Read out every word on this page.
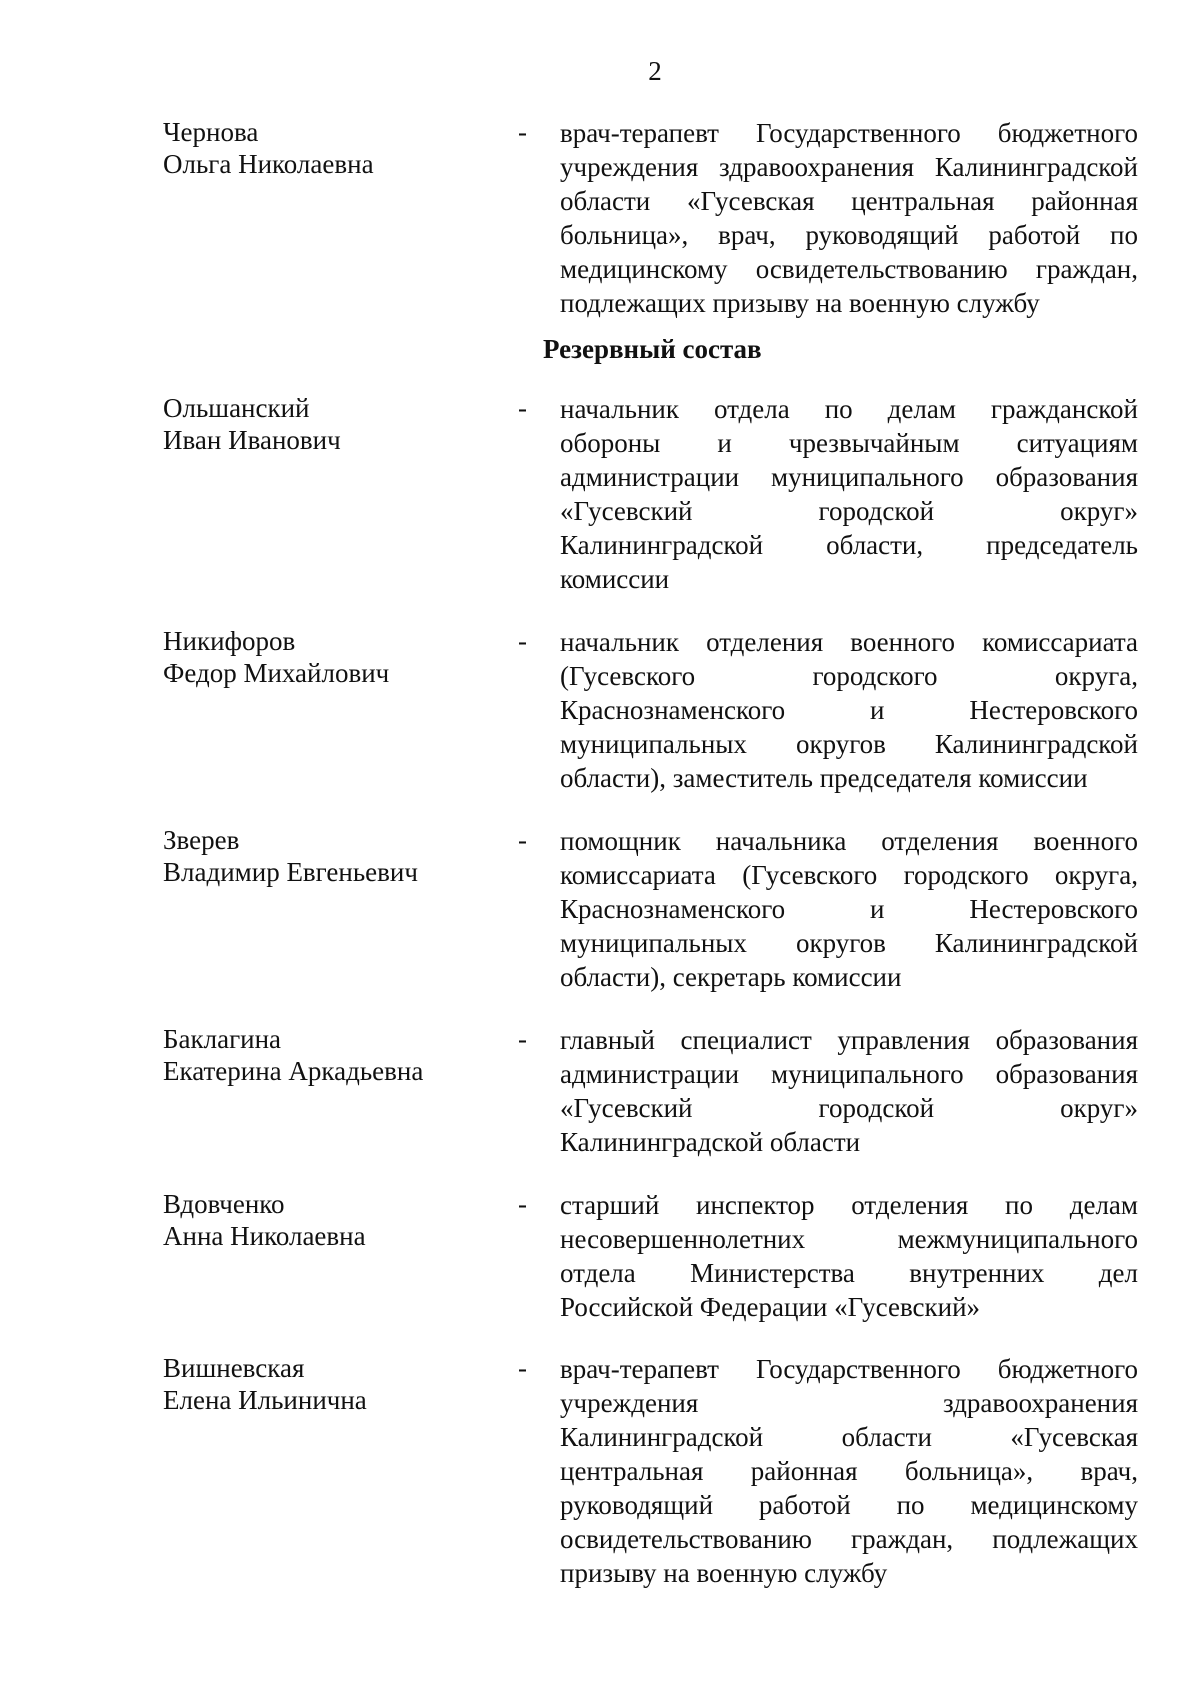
2
Чернова
Ольга Николаевна
- врач-терапевт Государственного бюджетного
учреждения здравоохранения Калининградской
области «Гусевская центральная районная
больница», врач, руководящий работой по
медицинскому освидетельствованию граждан,
подлежащих призыву на военную службу
Резервный состав
Ольшанский
Иван Иванович
- начальник отдела по делам гражданской
обороны и чрезвычайным ситуациям
администрации муниципального образования
«Гусевский городской округ»
Калининградской области, председатель
комиссии
Никифоров
Федор Михайлович
- начальник отделения военного комиссариата
(Гусевского городского округа,
Краснознаменского и Нестеровского
муниципальных округов Калининградской
области), заместитель председателя комиссии
Зверев
Владимир Евгеньевич
- помощник начальника отделения военного
комиссариата (Гусевского городского округа,
Краснознаменского и Нестеровского
муниципальных округов Калининградской
области), секретарь комиссии
Баклагина
Екатерина Аркадьевна
- главный специалист управления образования
администрации муниципального образования
«Гусевский городской округ»
Калининградской области
Вдовченко
Анна Николаевна
- старший инспектор отделения по делам
несовершеннолетних межмуниципального
отдела Министерства внутренних дел
Российской Федерации «Гусевский»
Вишневская
Елена Ильинична
- врач-терапевт Государственного бюджетного
учреждения здравоохранения
Калининградской области «Гусевская
центральная районная больница», врач,
руководящий работой по медицинскому
освидетельствованию граждан, подлежащих
призыву на военную службу
